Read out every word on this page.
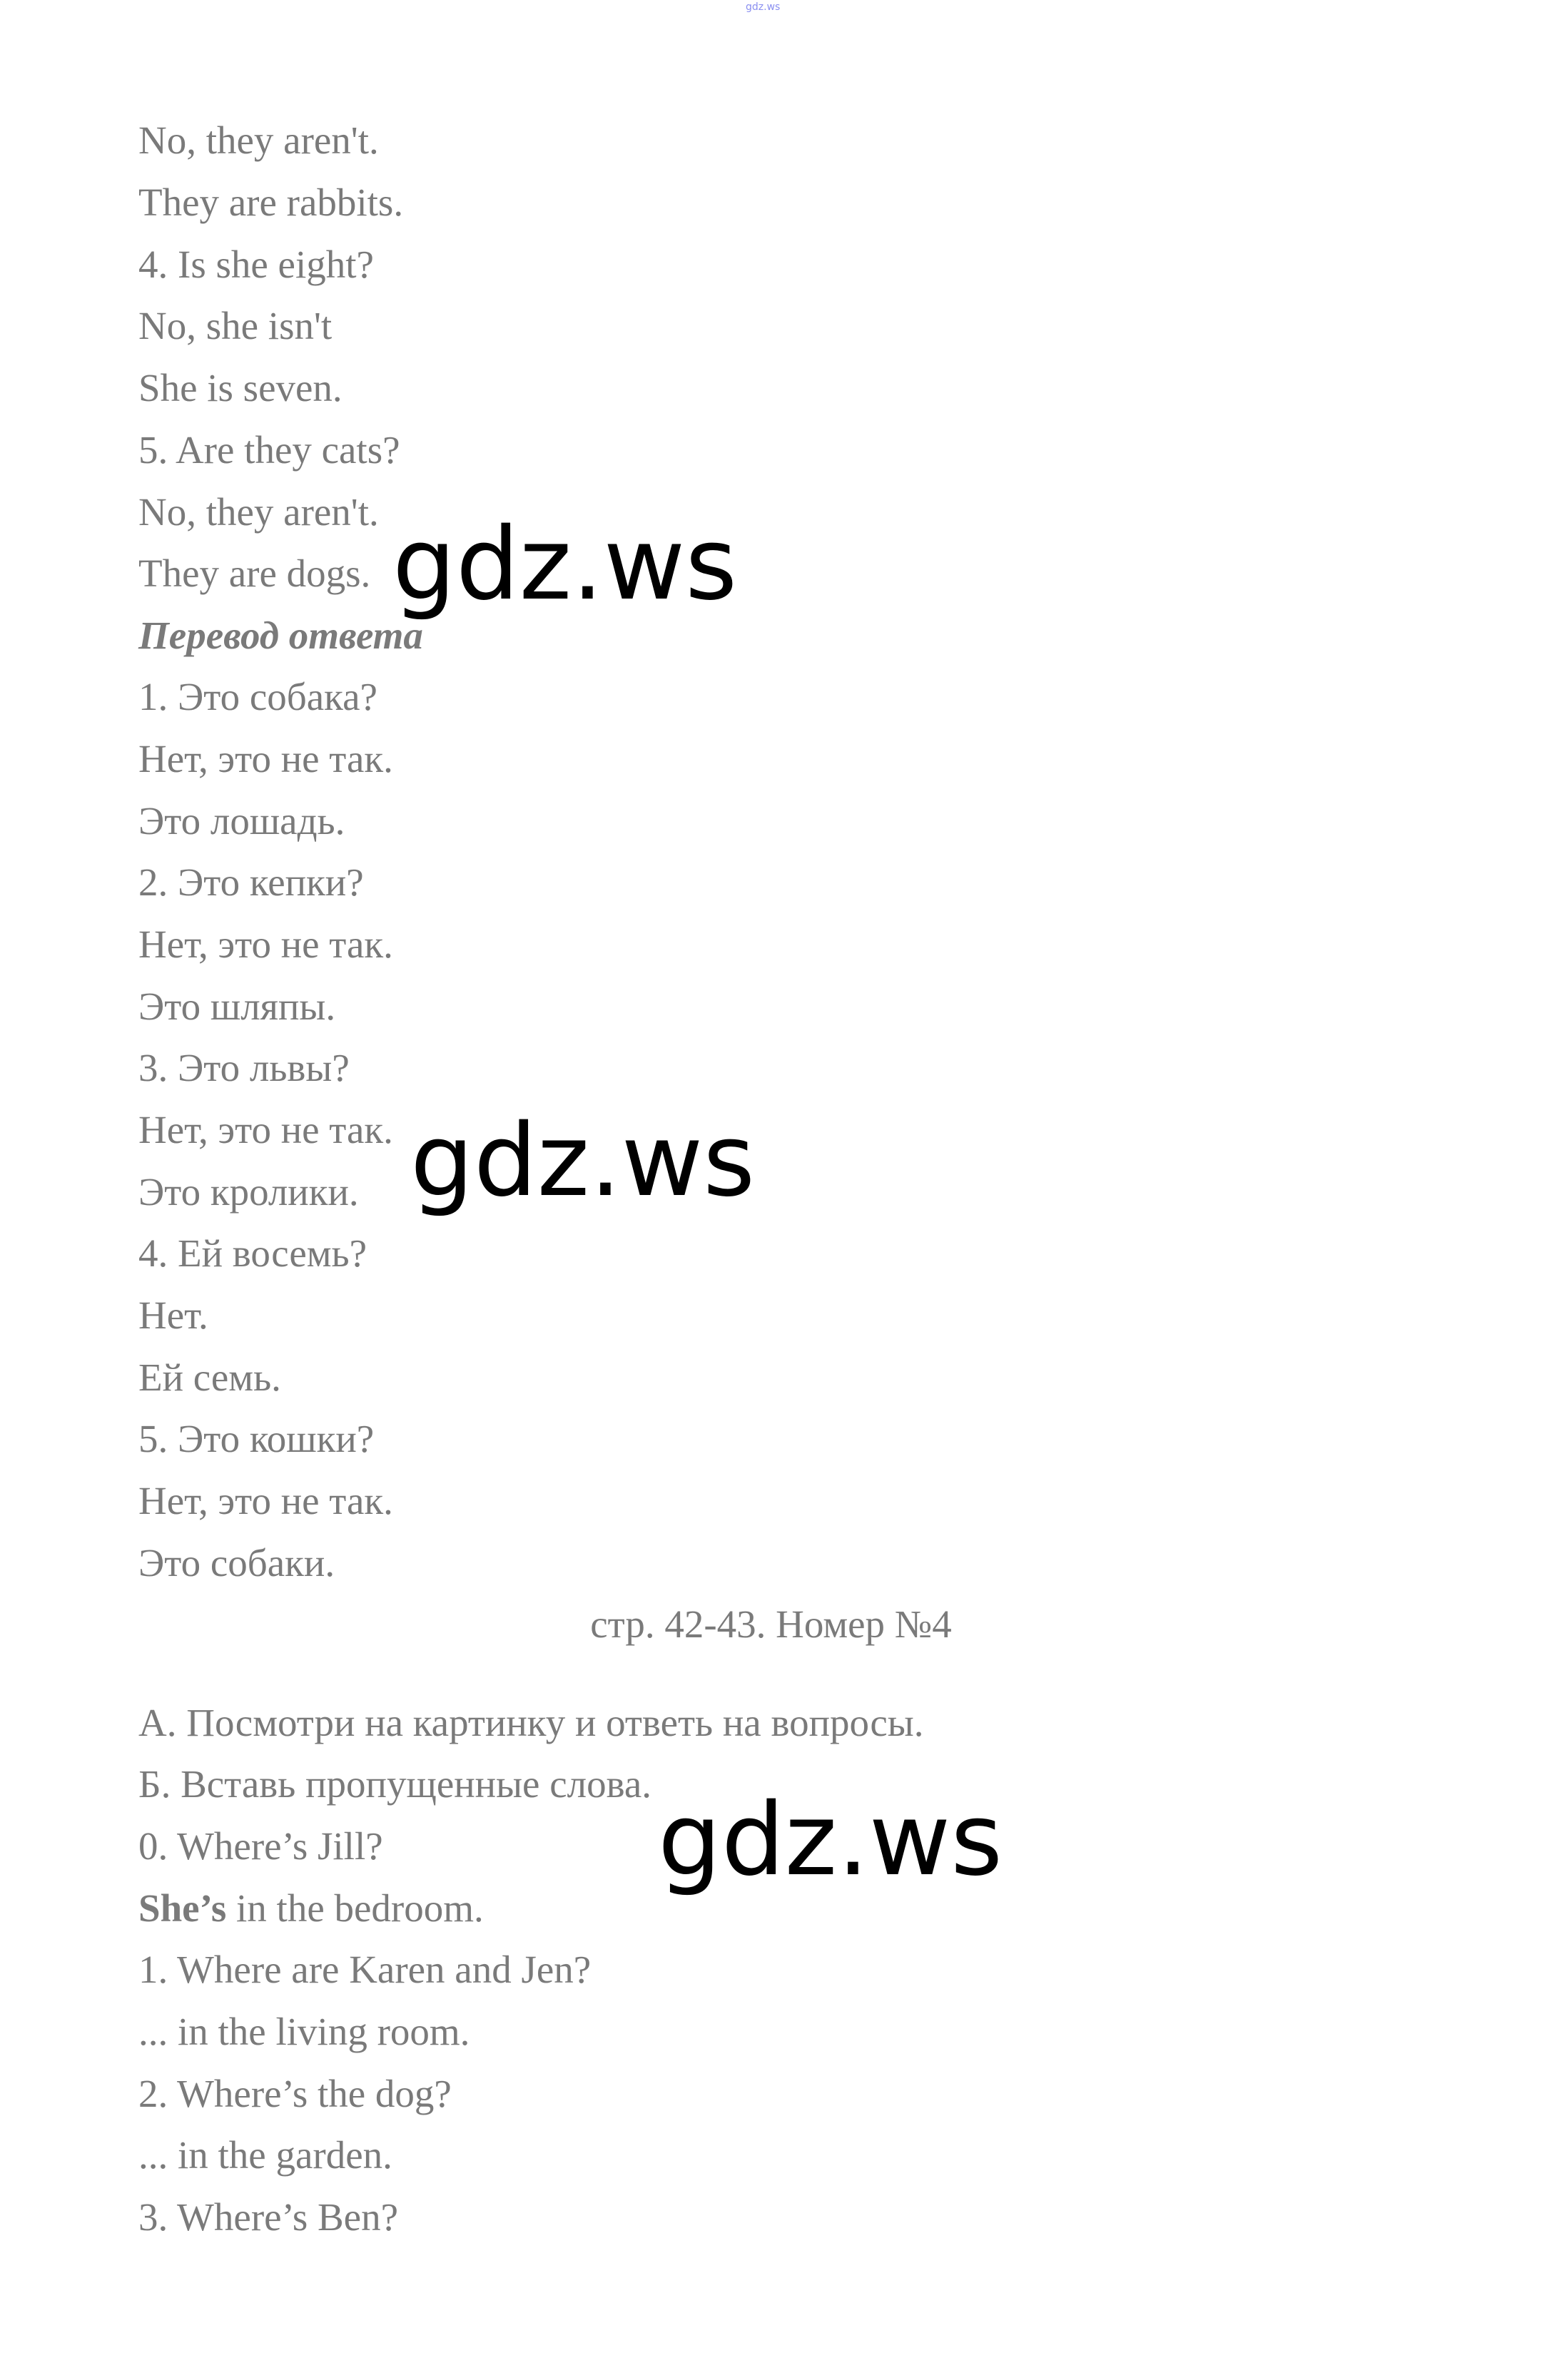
gdz.ws
No, they aren't.
They are rabbits.
4. Is she eight?
No, she isn't
She is seven.
5. Are they cats?
No, they aren't.
They are dogs.
Перевод ответа
1. Это собака?
Нет, это не так.
Это лошадь.
2. Это кепки?
Нет, это не так.
Это шляпы.
3. Это львы?
Нет, это не так.
Это кролики.
4. Ей восемь?
Нет.
Ей семь.
5. Это кошки?
Нет, это не так.
Это собаки.
стр. 42-43. Номер №4
А. Посмотри на картинку и ответь на вопросы.
Б. Вставь пропущенные слова.
0. Where’s Jill?
She’s in the bedroom.
1. Where are Karen and Jen?
... in the living room.
2. Where’s the dog?
... in the garden.
3. Where’s Ben?
gdz.ws
gdz.ws
gdz.ws
